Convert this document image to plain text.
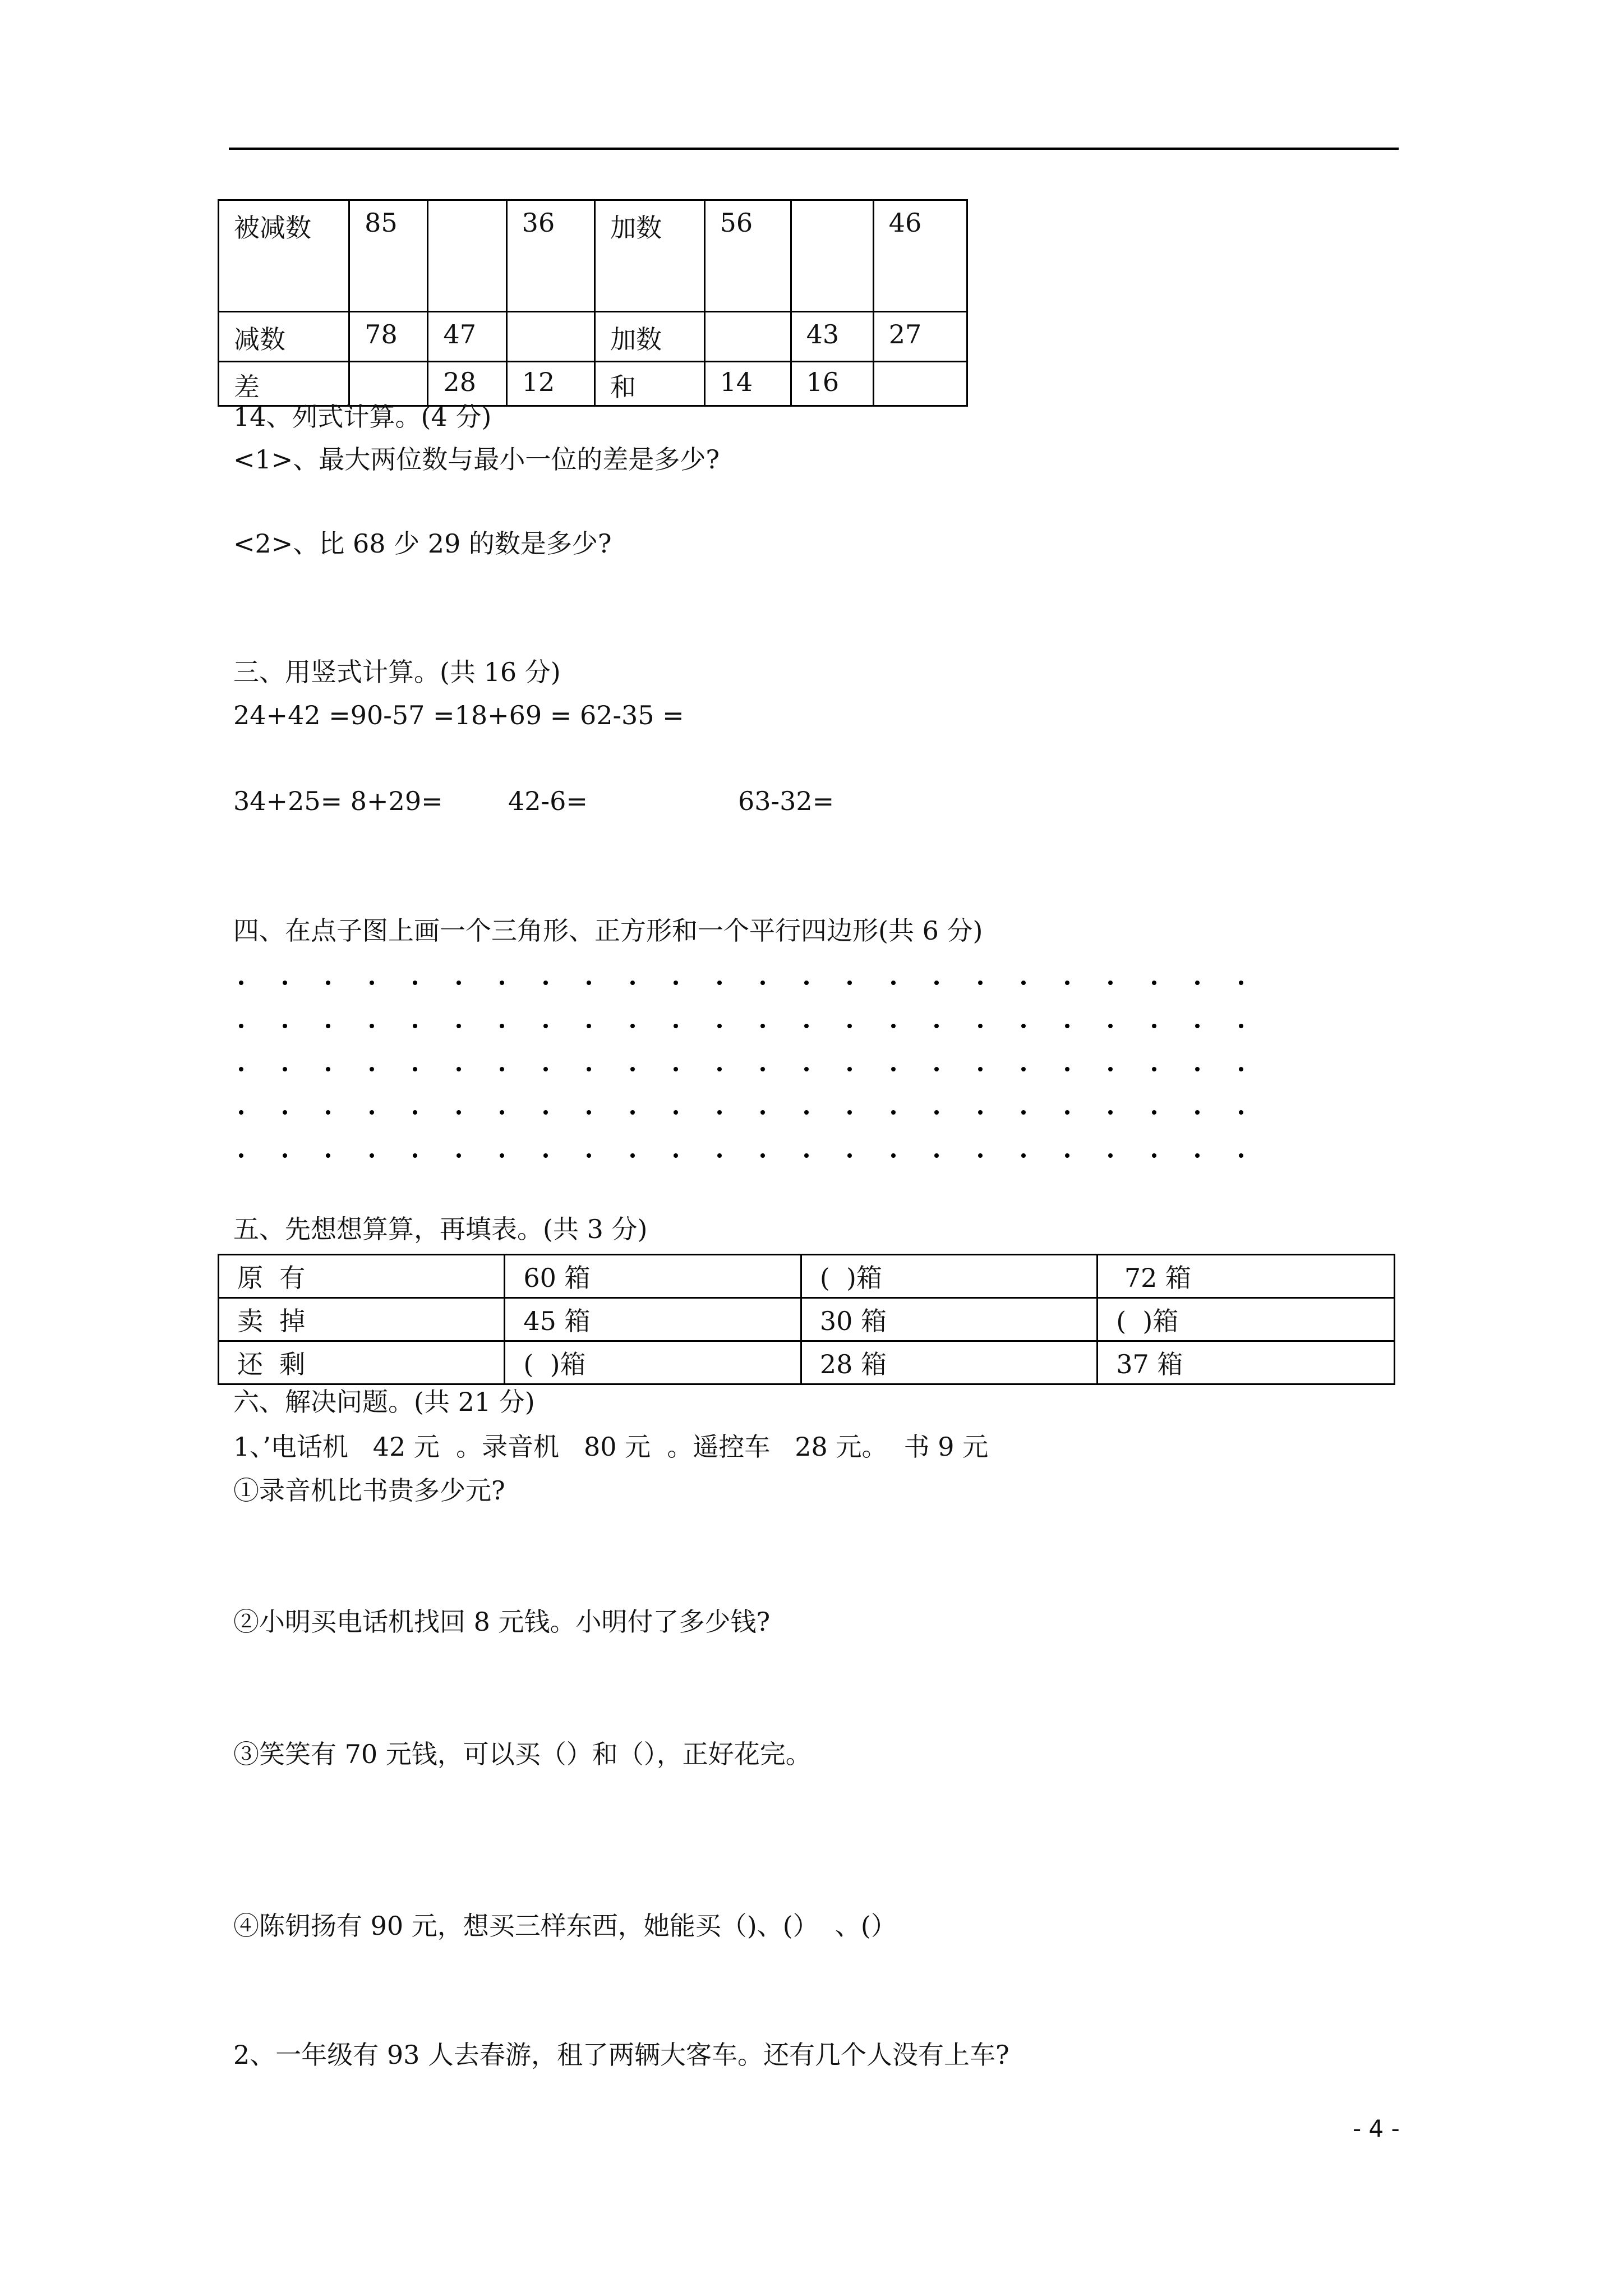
被减数	85		36	加数	56		46
减数	78	47		加数		43	27
差		28	12	和	14	16	
14、列式计算。(4 分)
<1>、最大两位数与最小一位的差是多少?
<2>、比 68 少 29 的数是多少?
三、用竖式计算。(共 16 分)
24+42 =90-57 =18+69 = 62-35 =
34+25= 8+29=	42-6=	63-32=
四、在点子图上画一个三角形、正方形和一个平行四边形(共 6 分)
五、先想想算算，再填表。(共 3 分)
原  有	60 箱	(  )箱	72 箱
卖  掉	45 箱	30 箱	(  )箱
还  剩	(  )箱	28 箱	37 箱
六、解决问题。(共 21 分)
1、’电话机   42 元  。录音机   80 元  。遥控车   28 元。  书 9 元
①录音机比书贵多少元?
②小明买电话机找回 8 元钱。小明付了多少钱?
③笑笑有 70 元钱，可以买（）和（），正好花完。
④陈钥扬有 90 元，想买三样东西，她能买（)、(）  、(）
2、一年级有 93 人去春游，租了两辆大客车。还有几个人没有上车?
- 4 -
